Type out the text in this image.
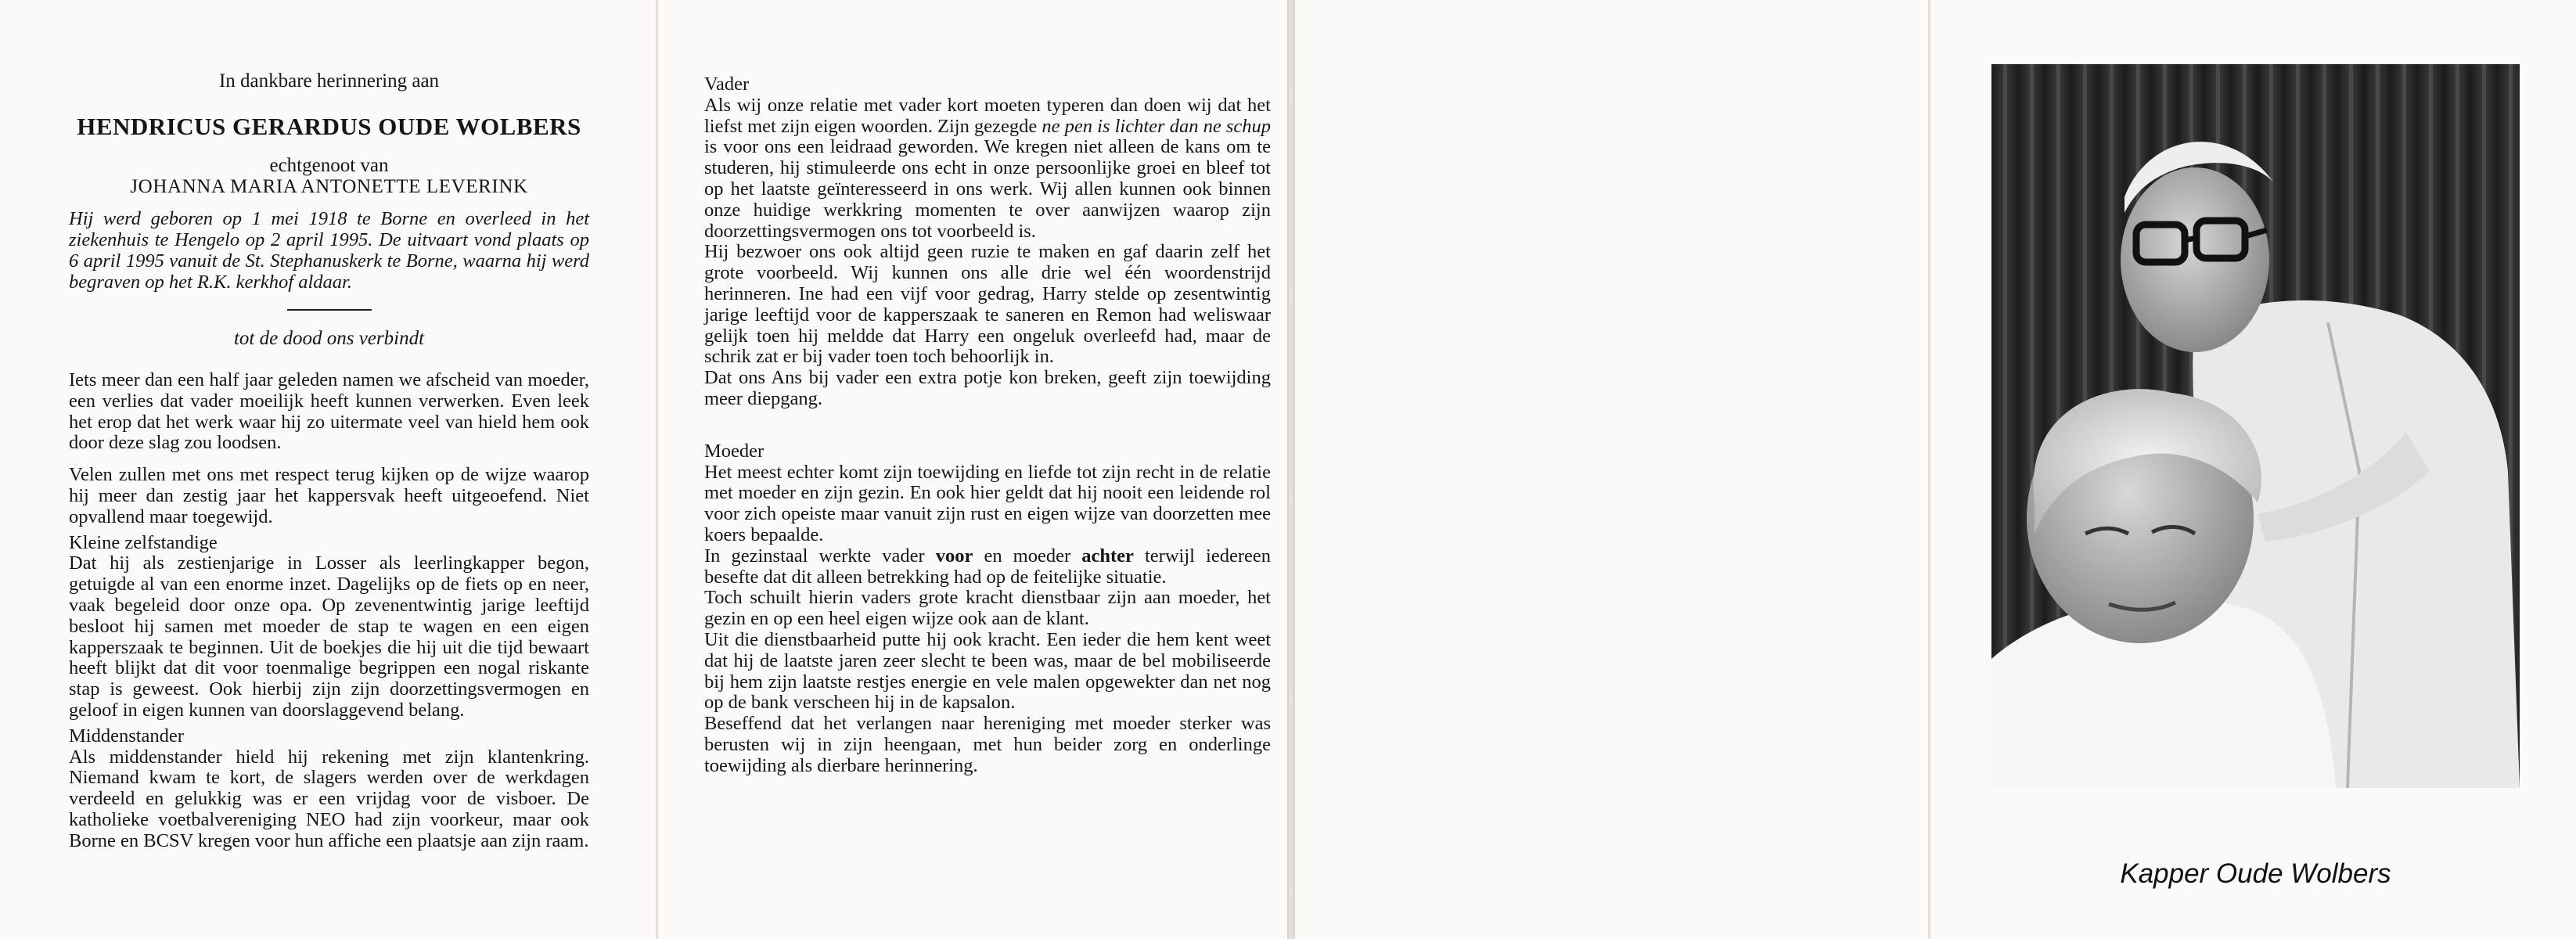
In dankbare herinnering aan

HENDRICUS GERARDUS OUDE WOLBERS

echtgenoot van

JOHANNA MARIA ANTONETTE LEVERINK

Hij werd geboren op 1 mei 1918 te Borne en overleed in het ziekenhuis te Hengelo op 2 april 1995. De uitvaart vond plaats op 6 april 1995 vanuit de St. Stephanuskerk te Borne, waarna hij werd begraven op het R.K. kerkhof aldaar.

tot de dood ons verbindt

Iets meer dan een half jaar geleden namen we afscheid van moeder, een verlies dat vader moeilijk heeft kunnen verwerken. Even leek het erop dat het werk waar hij zo uitermate veel van hield hem ook door deze slag zou loodsen.

Velen zullen met ons met respect terug kijken op de wijze waarop hij meer dan zestig jaar het kappersvak heeft uitgeoefend. Niet opvallend maar toegewijd.

Kleine zelfstandige

Dat hij als zestienjarige in Losser als leerlingkapper begon, getuigde al van een enorme inzet. Dagelijks op de fiets op en neer, vaak begeleid door onze opa. Op zevenentwintig jarige leeftijd besloot hij samen met moeder de stap te wagen en een eigen kapperszaak te beginnen. Uit de boekjes die hij uit die tijd bewaart heeft blijkt dat dit voor toenmalige begrippen een nogal riskante stap is geweest. Ook hierbij zijn zijn doorzettingsvermogen en geloof in eigen kunnen van doorslaggevend belang.

Middenstander

Als middenstander hield hij rekening met zijn klantenkring. Niemand kwam te kort, de slagers werden over de werkdagen verdeeld en gelukkig was er een vrijdag voor de visboer. De katholieke voetbalvereniging NEO had zijn voorkeur, maar ook Borne en BCSV kregen voor hun affiche een plaatsje aan zijn raam.

Vader

Als wij onze relatie met vader kort moeten typeren dan doen wij dat het liefst met zijn eigen woorden. Zijn gezegde ne pen is lichter dan ne schup is voor ons een leidraad geworden. We kregen niet alleen de kans om te studeren, hij stimuleerde ons echt in onze persoonlijke groei en bleef tot op het laatste geïnteresseerd in ons werk. Wij allen kunnen ook binnen onze huidige werkkring momenten te over aanwijzen waarop zijn doorzettingsvermogen ons tot voorbeeld is.

Hij bezwoer ons ook altijd geen ruzie te maken en gaf daarin zelf het grote voorbeeld. Wij kunnen ons alle drie wel één woordenstrijd herinneren. Ine had een vijf voor gedrag, Harry stelde op zesentwintig jarige leeftijd voor de kapperszaak te saneren en Remon had weliswaar gelijk toen hij meldde dat Harry een ongeluk overleefd had, maar de schrik zat er bij vader toen toch behoorlijk in.

Dat ons Ans bij vader een extra potje kon breken, geeft zijn toewijding meer diepgang.

Moeder

Het meest echter komt zijn toewijding en liefde tot zijn recht in de relatie met moeder en zijn gezin. En ook hier geldt dat hij nooit een leidende rol voor zich opeiste maar vanuit zijn rust en eigen wijze van doorzetten mee koers bepaalde.

In gezinstaal werkte vader voor en moeder achter terwijl iedereen besefte dat dit alleen betrekking had op de feitelijke situatie.

Toch schuilt hierin vaders grote kracht dienstbaar zijn aan moeder, het gezin en op een heel eigen wijze ook aan de klant.

Uit die dienstbaarheid putte hij ook kracht. Een ieder die hem kent weet dat hij de laatste jaren zeer slecht te been was, maar de bel mobiliseerde bij hem zijn laatste restjes energie en vele malen opgewekter dan net nog op de bank verscheen hij in de kapsalon.

Beseffend dat het verlangen naar hereniging met moeder sterker was berusten wij in zijn heengaan, met hun beider zorg en onderlinge toewijding als dierbare herinnering.

Kapper Oude Wolbers
